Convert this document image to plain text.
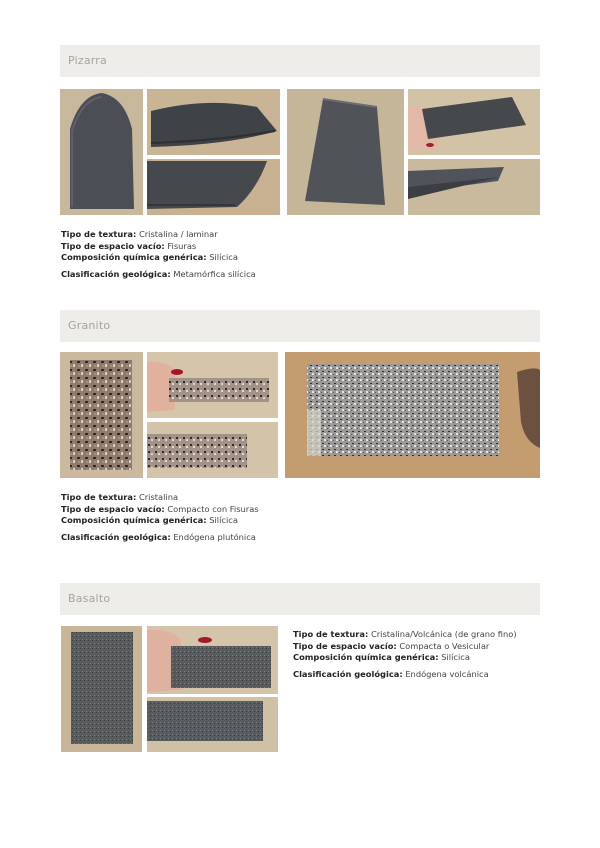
Pizarra
Tipo de textura: Cristalina / laminar
Tipo de espacio vacío: Fisuras
Composición química genérica: Silícica
Clasificación geológica: Metamórfica silícica
Granito
Tipo de textura: Cristalina
Tipo de espacio vacío: Compacto con Fisuras
Composición química genérica: Silícica
Clasificación geológica: Endógena plutónica
Basalto
Tipo de textura: Cristalina/Volcánica (de grano fino)
Tipo de espacio vacío: Compacta o Vesicular
Composición química genérica: Silícica
Clasificación geológica: Endógena volcánica
